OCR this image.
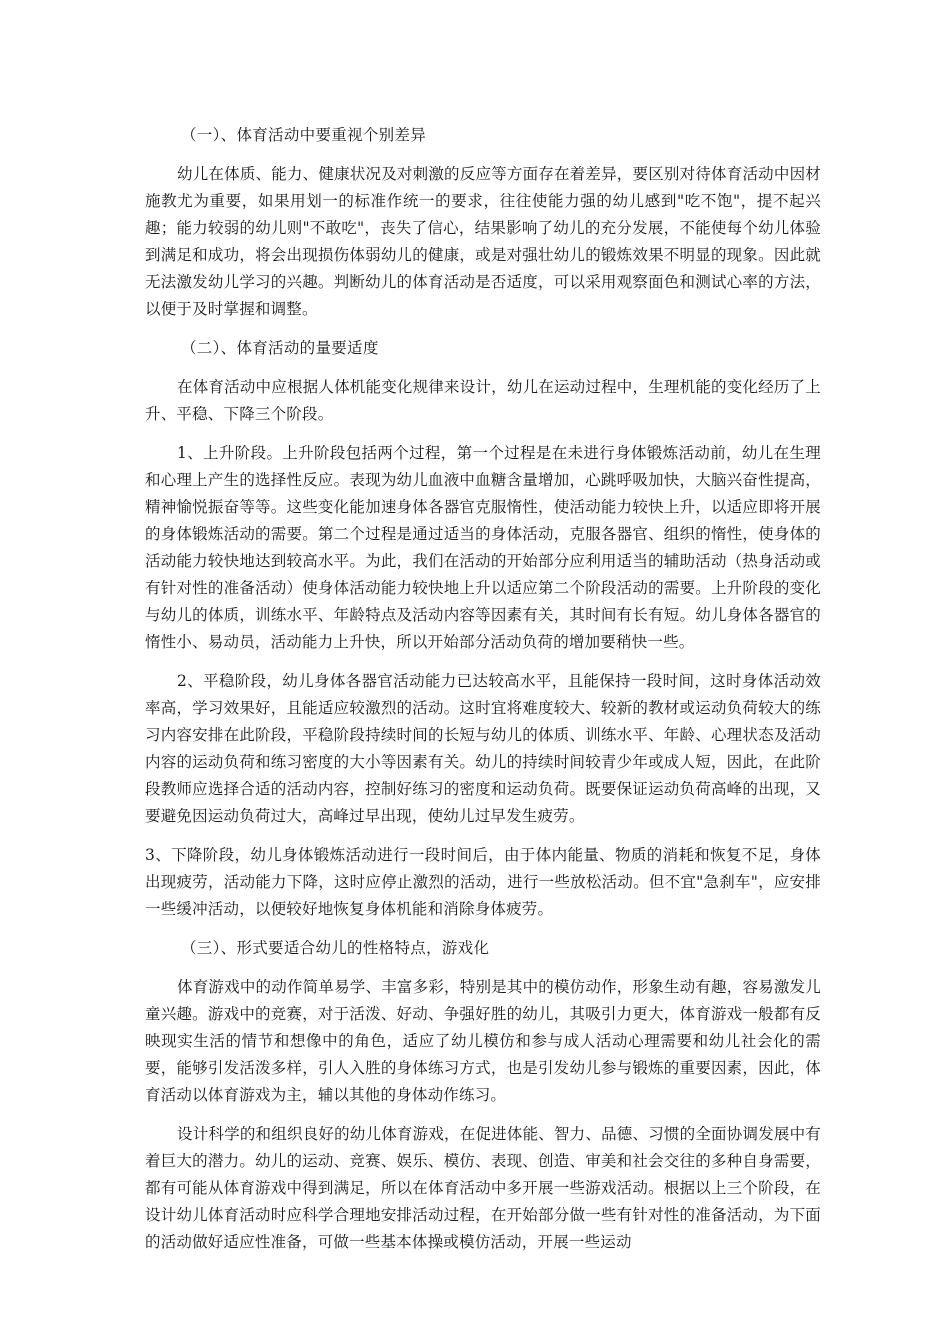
（一）、体育活动中要重视个别差异

幼儿在体质、能力、健康状况及对刺激的反应等方面存在着差异，要区别对待体育活动中因材施教尤为重要，如果用划一的标准作统一的要求，往往使能力强的幼儿感到"吃不饱"，提不起兴趣；能力较弱的幼儿则"不敢吃"，丧失了信心，结果影响了幼儿的充分发展，不能使每个幼儿体验到满足和成功，将会出现损伤体弱幼儿的健康，或是对强壮幼儿的锻炼效果不明显的现象。因此就无法激发幼儿学习的兴趣。判断幼儿的体育活动是否适度，可以采用观察面色和测试心率的方法，以便于及时掌握和调整。

（二）、体育活动的量要适度

在体育活动中应根据人体机能变化规律来设计，幼儿在运动过程中，生理机能的变化经历了上升、平稳、下降三个阶段。

1、上升阶段。上升阶段包括两个过程，第一个过程是在未进行身体锻炼活动前，幼儿在生理和心理上产生的选择性反应。表现为幼儿血液中血糖含量增加，心跳呼吸加快，大脑兴奋性提高，精神愉悦振奋等等。这些变化能加速身体各器官克服惰性，使活动能力较快上升，以适应即将开展的身体锻炼活动的需要。第二个过程是通过适当的身体活动，克服各器官、组织的惰性，使身体的活动能力较快地达到较高水平。为此，我们在活动的开始部分应利用适当的辅助活动（热身活动或有针对性的准备活动）使身体活动能力较快地上升以适应第二个阶段活动的需要。上升阶段的变化与幼儿的体质，训练水平、年龄特点及活动内容等因素有关，其时间有长有短。幼儿身体各器官的惰性小、易动员，活动能力上升快，所以开始部分活动负荷的增加要稍快一些。

2、平稳阶段，幼儿身体各器官活动能力已达较高水平，且能保持一段时间，这时身体活动效率高，学习效果好，且能适应较激烈的活动。这时宜将难度较大、较新的教材或运动负荷较大的练习内容安排在此阶段，平稳阶段持续时间的长短与幼儿的体质、训练水平、年龄、心理状态及活动内容的运动负荷和练习密度的大小等因素有关。幼儿的持续时间较青少年或成人短，因此，在此阶段教师应选择合适的活动内容，控制好练习的密度和运动负荷。既要保证运动负荷高峰的出现，又要避免因运动负荷过大，高峰过早出现，使幼儿过早发生疲劳。

3、下降阶段，幼儿身体锻炼活动进行一段时间后，由于体内能量、物质的消耗和恢复不足，身体出现疲劳，活动能力下降，这时应停止激烈的活动，进行一些放松活动。但不宜"急刹车"，应安排一些缓冲活动，以便较好地恢复身体机能和消除身体疲劳。

（三）、形式要适合幼儿的性格特点，游戏化

体育游戏中的动作简单易学、丰富多彩，特别是其中的模仿动作，形象生动有趣，容易激发儿童兴趣。游戏中的竞赛，对于活泼、好动、争强好胜的幼儿，其吸引力更大，体育游戏一般都有反映现实生活的情节和想像中的角色，适应了幼儿模仿和参与成人活动心理需要和幼儿社会化的需要，能够引发活泼多样，引人入胜的身体练习方式，也是引发幼儿参与锻炼的重要因素，因此，体育活动以体育游戏为主，辅以其他的身体动作练习。

设计科学的和组织良好的幼儿体育游戏，在促进体能、智力、品德、习惯的全面协调发展中有着巨大的潜力。幼儿的运动、竞赛、娱乐、模仿、表现、创造、审美和社会交往的多种自身需要，都有可能从体育游戏中得到满足，所以在体育活动中多开展一些游戏活动。根据以上三个阶段，在设计幼儿体育活动时应科学合理地安排活动过程，在开始部分做一些有针对性的准备活动，为下面的活动做好适应性准备，可做一些基本体操或模仿活动，开展一些运动
